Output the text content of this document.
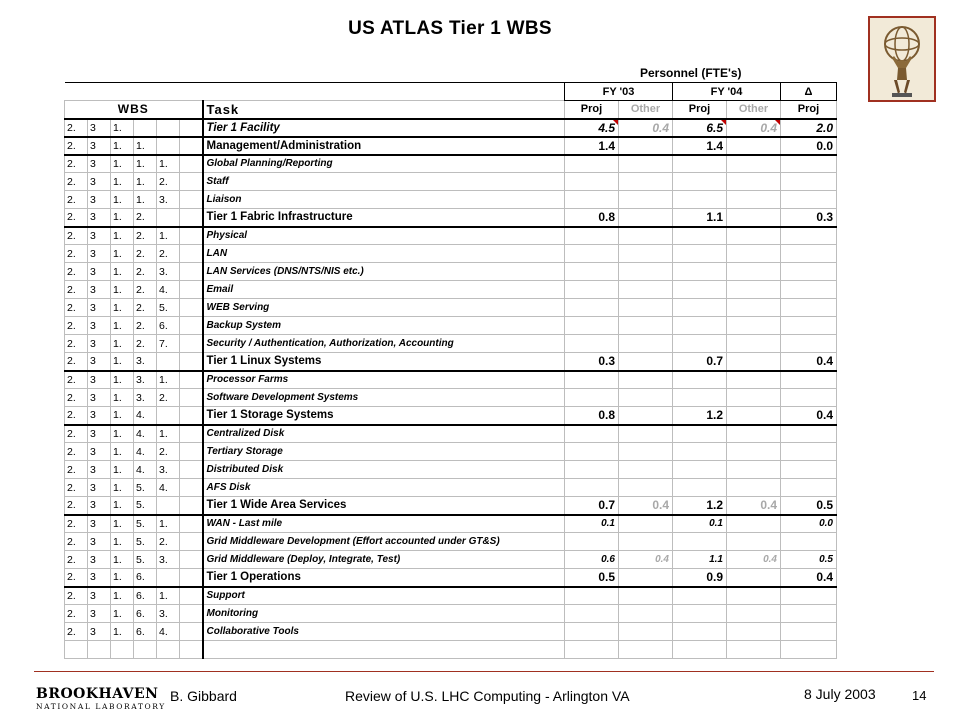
US ATLAS Tier 1 WBS
Personnel (FTE's)
							FY '03		FY '04		Δ
WBS						Task	Proj	Other	Proj	Other	Proj
2.	3	1.				Tier 1 Facility	4.5	0.4	6.5	0.4	2.0
2.	3	1.	1.			Management/Administration	1.4		1.4		0.0
2.	3	1.	1.	1.		Global Planning/Reporting					
2.	3	1.	1.	2.		Staff					
2.	3	1.	1.	3.		Liaison					
2.	3	1.	2.			Tier 1 Fabric Infrastructure	0.8		1.1		0.3
2.	3	1.	2.	1.		Physical					
2.	3	1.	2.	2.		LAN					
2.	3	1.	2.	3.		LAN Services (DNS/NTS/NIS etc.)					
2.	3	1.	2.	4.		Email					
2.	3	1.	2.	5.		WEB Serving					
2.	3	1.	2.	6.		Backup System					
2.	3	1.	2.	7.		Security / Authentication, Authorization, Accounting					
2.	3	1.	3.			Tier 1 Linux Systems	0.3		0.7		0.4
2.	3	1.	3.	1.		Processor Farms					
2.	3	1.	3.	2.		Software Development Systems					
2.	3	1.	4.			Tier 1 Storage Systems	0.8		1.2		0.4
2.	3	1.	4.	1.		Centralized Disk					
2.	3	1.	4.	2.		Tertiary Storage					
2.	3	1.	4.	3.		Distributed Disk					
2.	3	1.	5.	4.		AFS Disk					
2.	3	1.	5.			Tier 1 Wide Area Services	0.7	0.4	1.2	0.4	0.5
2.	3	1.	5.	1.		WAN - Last mile	0.1		0.1		0.0
2.	3	1.	5.	2.		Grid Middleware Development (Effort accounted under GT&S)					
2.	3	1.	5.	3.		Grid Middleware (Deploy, Integrate, Test)	0.6	0.4	1.1	0.4	0.5
2.	3	1.	6.			Tier 1 Operations	0.5		0.9		0.4
2.	3	1.	6.	1.		Support					
2.	3	1.	6.	3.		Monitoring					
2.	3	1.	6.	4.		Collaborative Tools					

BROOKHAVEN
NATIONAL LABORATORY
B. Gibbard	Review of U.S. LHC Computing - Arlington VA	8 July 2003	14
